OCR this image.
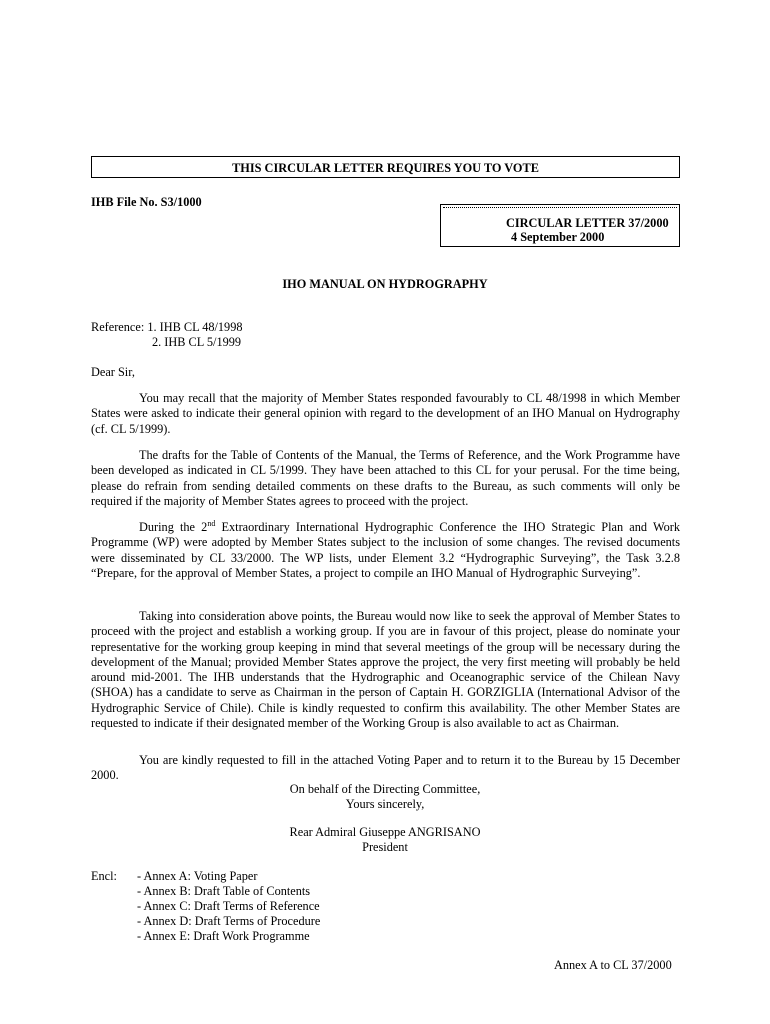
THIS CIRCULAR LETTER REQUIRES YOU TO VOTE
IHB File No. S3/1000
CIRCULAR LETTER 37/2000
4 September 2000
IHO MANUAL ON HYDROGRAPHY
Reference: 1. IHB CL 48/1998
2. IHB CL 5/1999
Dear Sir,
You may recall that the majority of Member States responded favourably to CL 48/1998 in which Member States were asked to indicate their general opinion with regard to the development of an IHO Manual on Hydrography (cf. CL 5/1999).
The drafts for the Table of Contents of the Manual, the Terms of Reference, and the Work Programme have been developed as indicated in CL 5/1999. They have been attached to this CL for your perusal. For the time being, please do refrain from sending detailed comments on these drafts to the Bureau, as such comments will only be required if the majority of Member States agrees to proceed with the project.
During the 2nd Extraordinary International Hydrographic Conference the IHO Strategic Plan and Work Programme (WP) were adopted by Member States subject to the inclusion of some changes. The revised documents were disseminated by CL 33/2000. The WP lists, under Element 3.2 “Hydrographic Surveying”, the Task 3.2.8 “Prepare, for the approval of Member States, a project to compile an IHO Manual of Hydrographic Surveying”.
Taking into consideration above points, the Bureau would now like to seek the approval of Member States to proceed with the project and establish a working group. If you are in favour of this project, please do nominate your representative for the working group keeping in mind that several meetings of the group will be necessary during the development of the Manual; provided Member States approve the project, the very first meeting will probably be held around mid-2001. The IHB understands that the Hydrographic and Oceanographic service of the Chilean Navy (SHOA) has a candidate to serve as Chairman in the person of Captain H. GORZIGLIA (International Advisor of the Hydrographic Service of Chile). Chile is kindly requested to confirm this availability. The other Member States are requested to indicate if their designated member of the Working Group is also available to act as Chairman.
You are kindly requested to fill in the attached Voting Paper and to return it to the Bureau by 15 December 2000.
On behalf of the Directing Committee,
Yours sincerely,
Rear Admiral Giuseppe ANGRISANO
President
Encl: - Annex A: Voting Paper
- Annex B: Draft Table of Contents
- Annex C: Draft Terms of Reference
- Annex D: Draft Terms of Procedure
- Annex E: Draft Work Programme
Annex A to CL 37/2000
